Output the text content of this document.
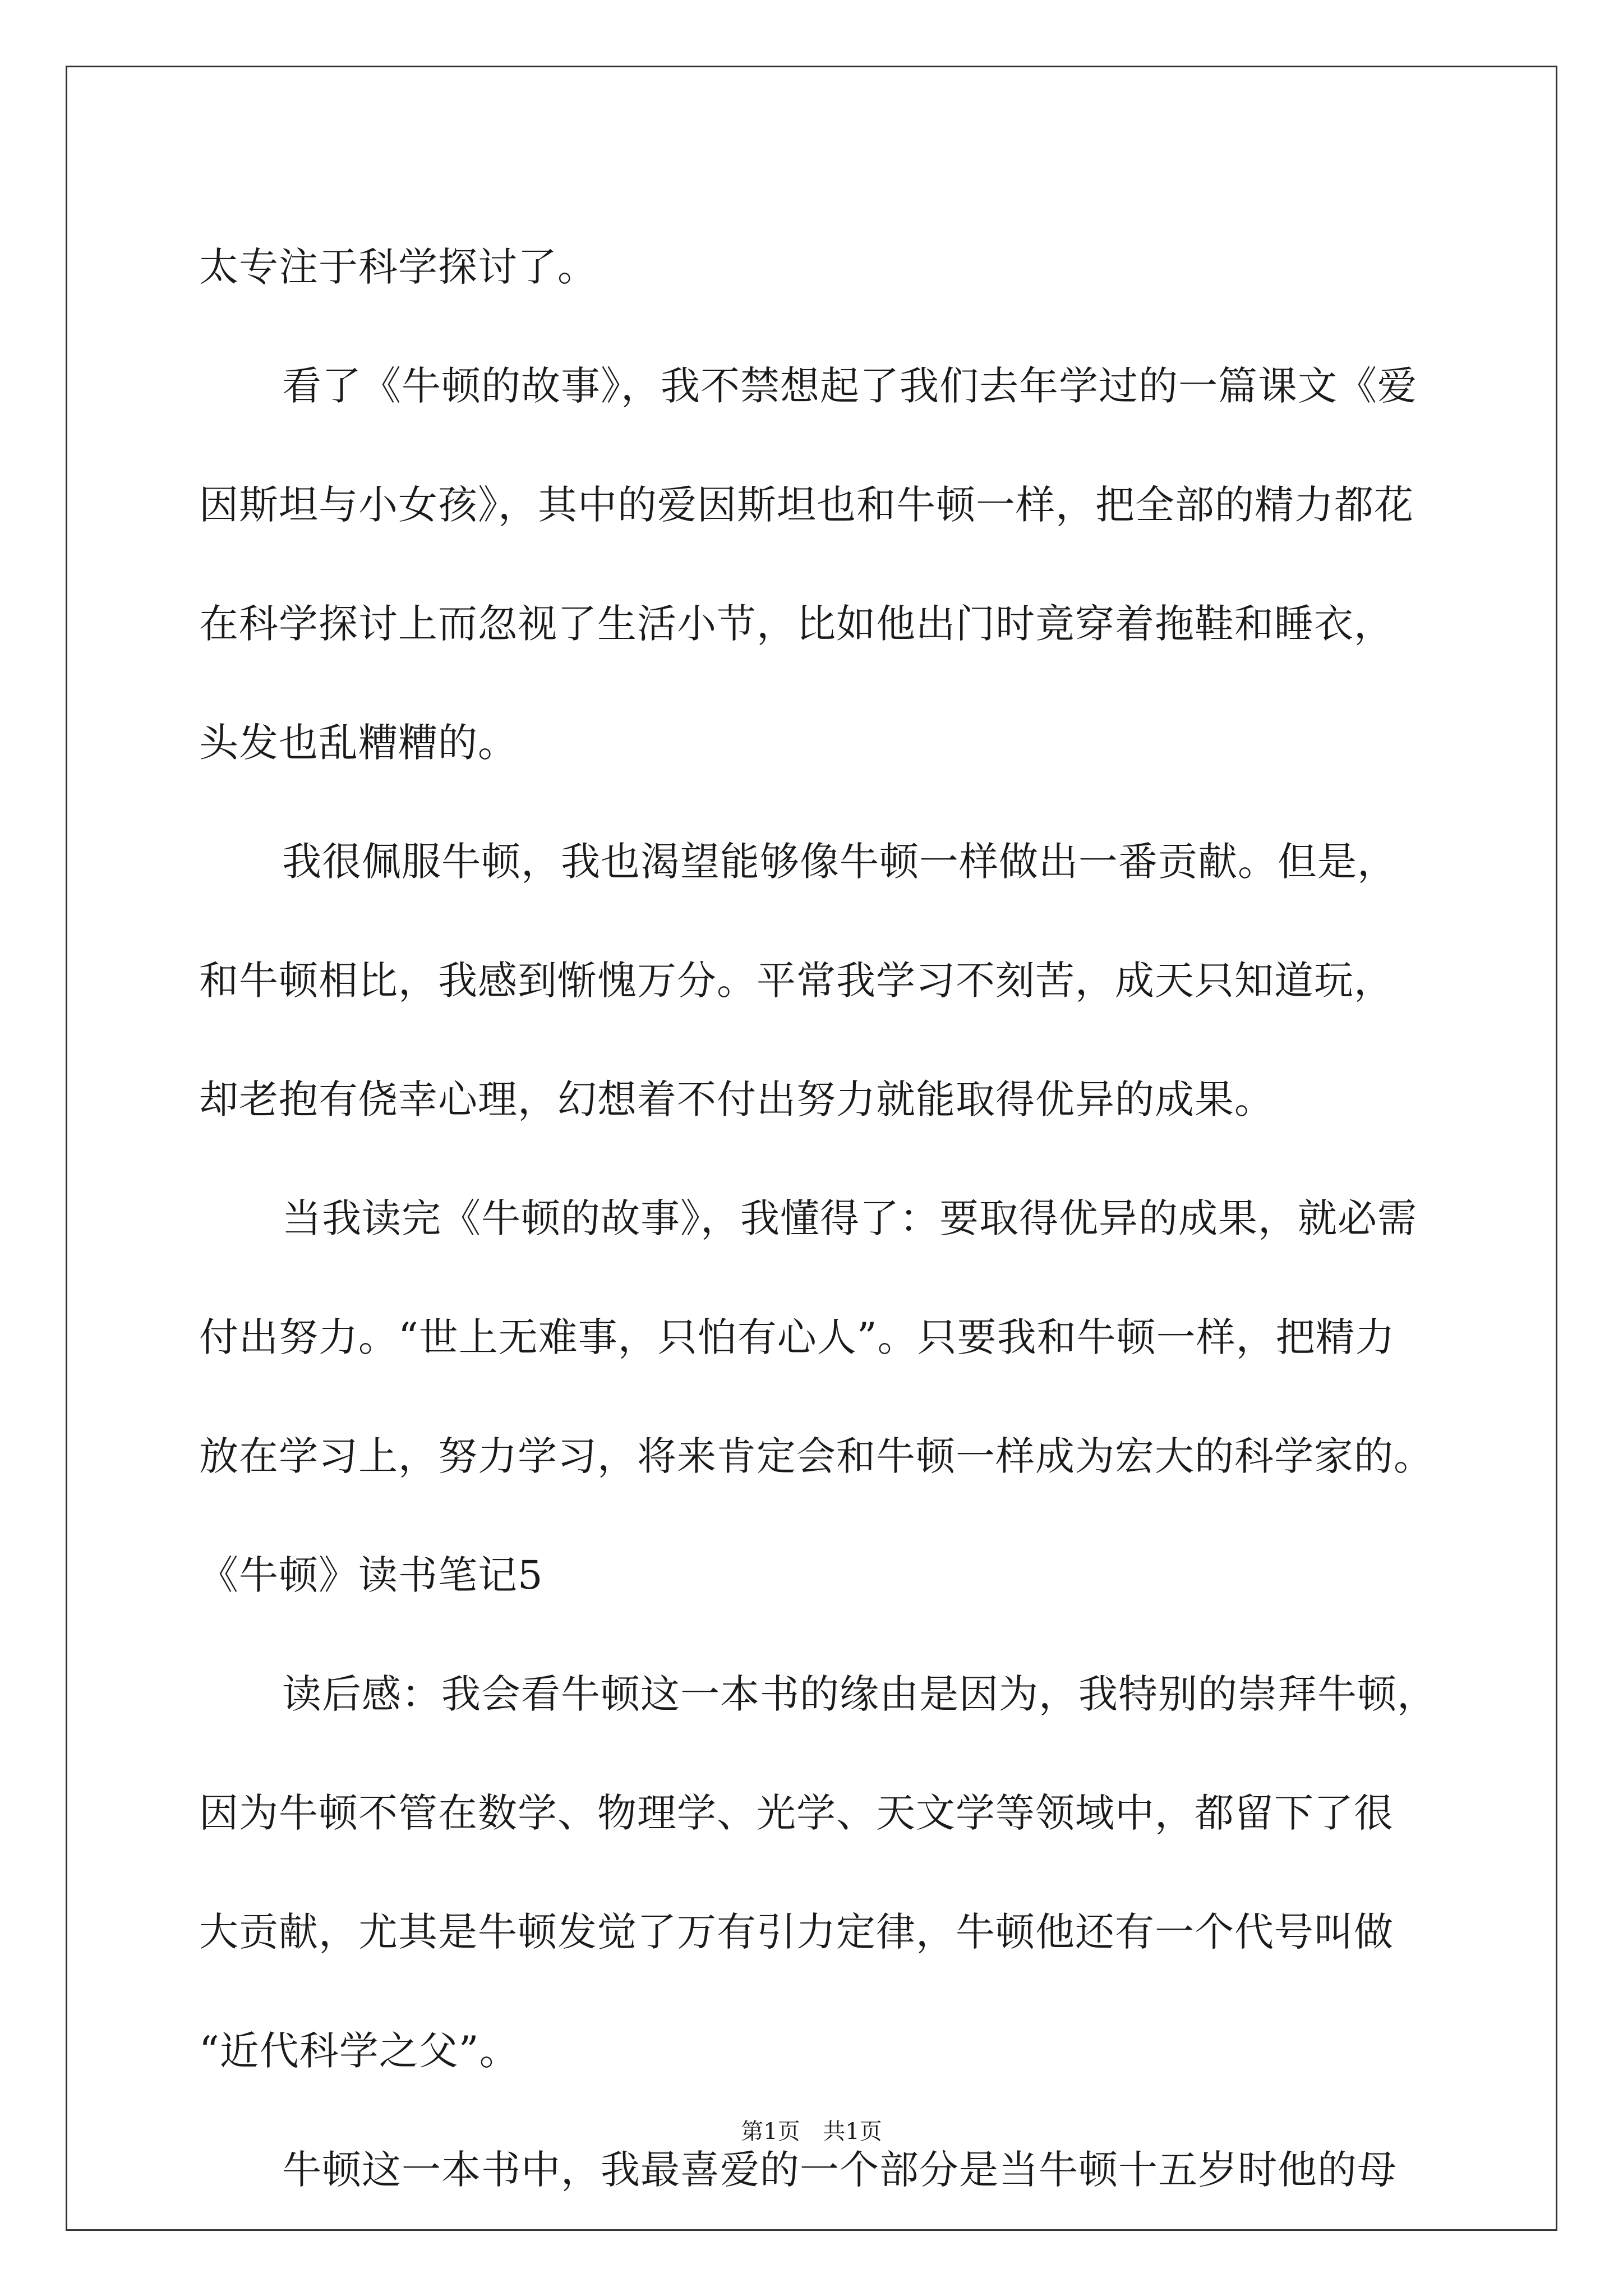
太专注于科学探讨了。
看了《牛顿的故事》，我不禁想起了我们去年学过的一篇课文《爱
因斯坦与小女孩》，其中的爱因斯坦也和牛顿一样，把全部的精力都花
在科学探讨上而忽视了生活小节，比如他出门时竟穿着拖鞋和睡衣，
头发也乱糟糟的。
我很佩服牛顿，我也渴望能够像牛顿一样做出一番贡献。但是，
和牛顿相比，我感到惭愧万分。平常我学习不刻苦，成天只知道玩，
却老抱有侥幸心理，幻想着不付出努力就能取得优异的成果。
当我读完《牛顿的故事》，我懂得了：要取得优异的成果，就必需
付出努力。“世上无难事，只怕有心人”。只要我和牛顿一样，把精力
放在学习上，努力学习，将来肯定会和牛顿一样成为宏大的科学家的。
《牛顿》读书笔记5
读后感：我会看牛顿这一本书的缘由是因为，我特别的崇拜牛顿，
因为牛顿不管在数学、物理学、光学、天文学等领域中，都留下了很
大贡献，尤其是牛顿发觉了万有引力定律，牛顿他还有一个代号叫做
“近代科学之父”。
牛顿这一本书中，我最喜爱的一个部分是当牛顿十五岁时他的母
第1页 共1页
